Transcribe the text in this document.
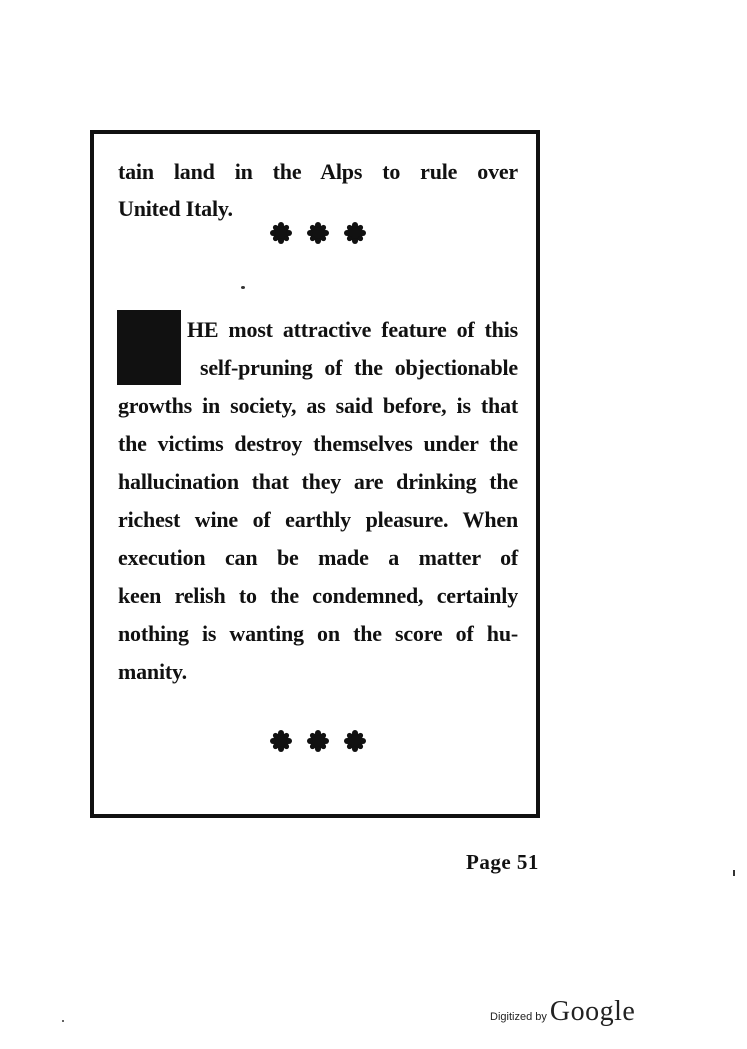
tain land in the Alps to rule over
United Italy.
HE most attractive feature of this
self-pruning of the objectionable
growths in society, as said before, is that
the victims destroy themselves under the
hallucination that they are drinking the
richest wine of earthly pleasure. When
execution can be made a matter of
keen relish to the condemned, certainly
nothing is wanting on the score of hu-
manity.
Page 51
Digitized by Google
